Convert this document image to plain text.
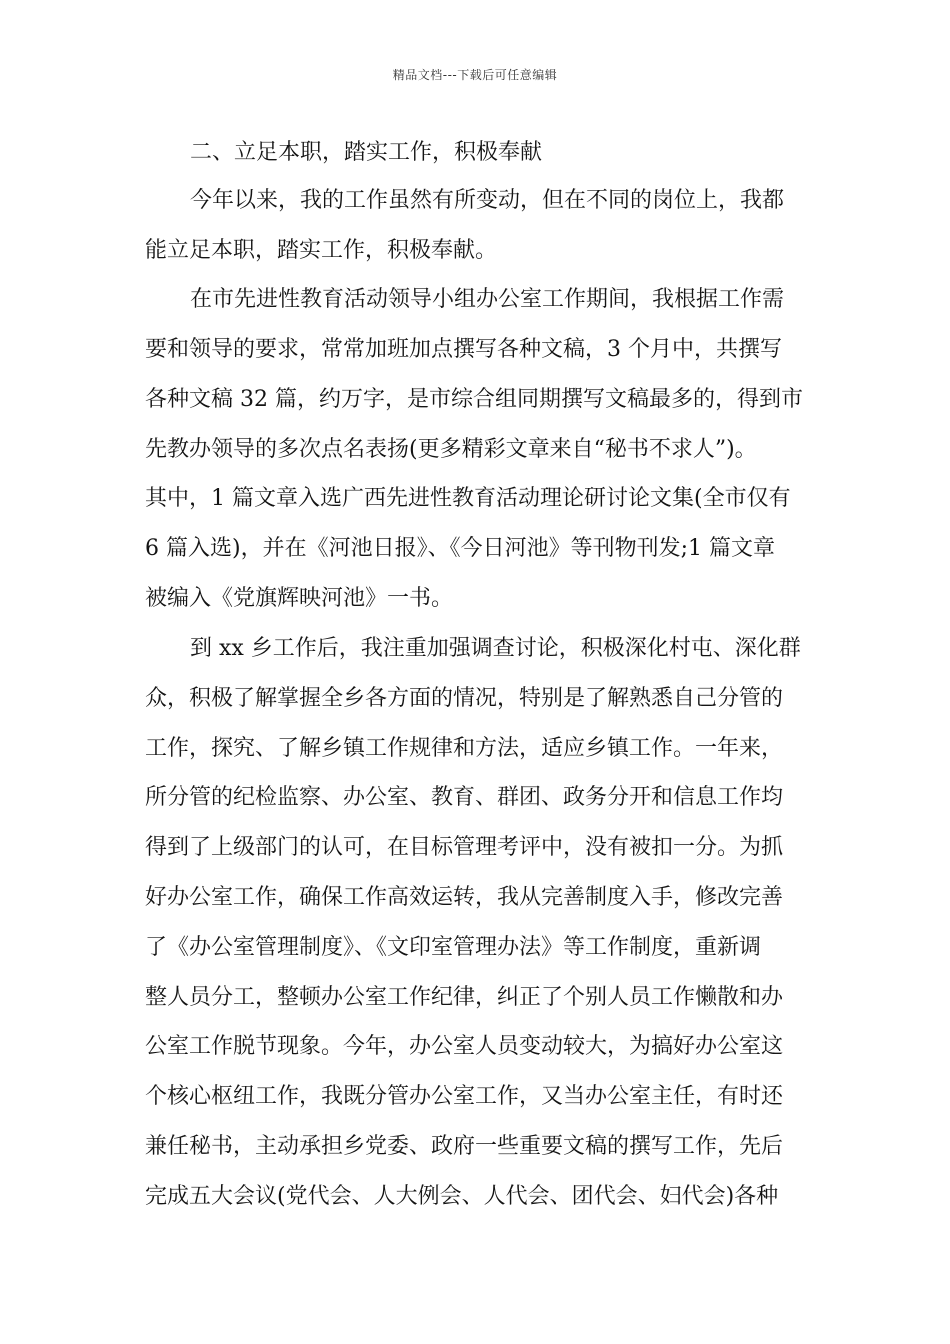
精品文档---下载后可任意编辑
二、立足本职，踏实工作，积极奉献
今年以来，我的工作虽然有所变动，但在不同的岗位上，我都
能立足本职，踏实工作，积极奉献。
在市先进性教育活动领导小组办公室工作期间，我根据工作需
要和领导的要求，常常加班加点撰写各种文稿，3 个月中，共撰写
各种文稿 32 篇，约万字，是市综合组同期撰写文稿最多的，得到市
先教办领导的多次点名表扬(更多精彩文章来自“秘书不求人”)。
其中，1 篇文章入选广西先进性教育活动理论研讨论文集(全市仅有
6 篇入选)，并在《河池日报》、《今日河池》等刊物刊发;1 篇文章
被编入《党旗辉映河池》一书。
到 xx 乡工作后，我注重加强调查讨论，积极深化村屯、深化群
众，积极了解掌握全乡各方面的情况，特别是了解熟悉自己分管的
工作，探究、了解乡镇工作规律和方法，适应乡镇工作。一年来，
所分管的纪检监察、办公室、教育、群团、政务分开和信息工作均
得到了上级部门的认可，在目标管理考评中，没有被扣一分。为抓
好办公室工作，确保工作高效运转，我从完善制度入手，修改完善
了《办公室管理制度》、《文印室管理办法》等工作制度，重新调
整人员分工，整顿办公室工作纪律，纠正了个别人员工作懒散和办
公室工作脱节现象。今年，办公室人员变动较大，为搞好办公室这
个核心枢纽工作，我既分管办公室工作，又当办公室主任，有时还
兼任秘书，主动承担乡党委、政府一些重要文稿的撰写工作，先后
完成五大会议(党代会、人大例会、人代会、团代会、妇代会)各种
